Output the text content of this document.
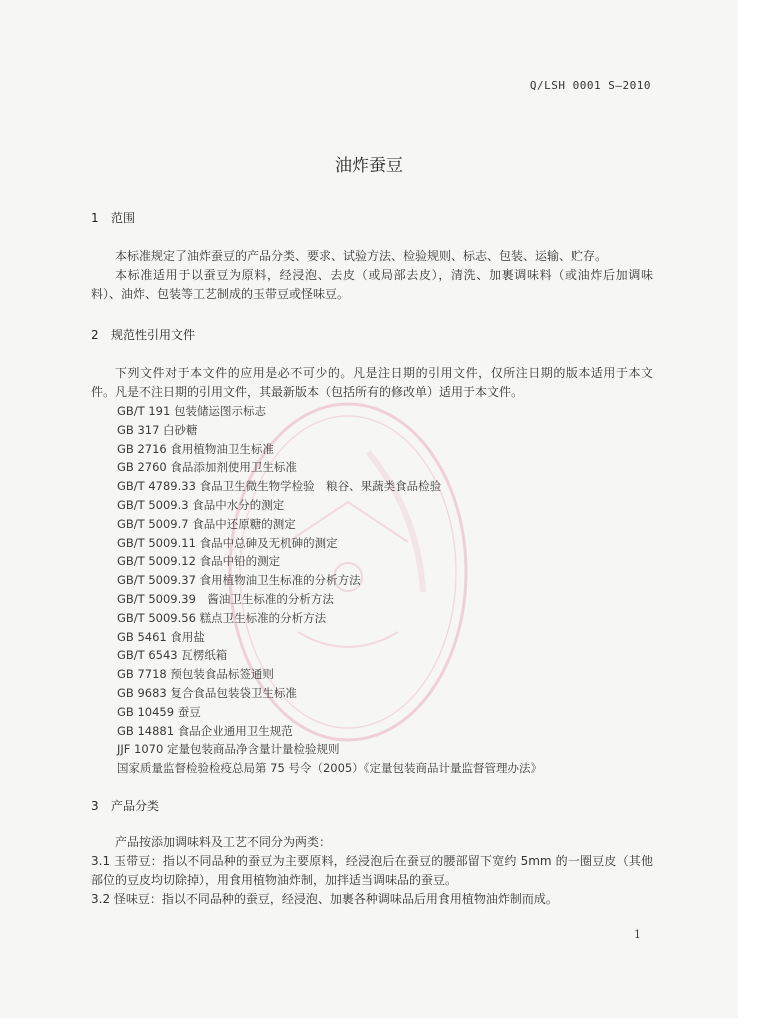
Q/LSH 0001 S—2010
油炸蚕豆
1 范围
本标准规定了油炸蚕豆的产品分类、要求、试验方法、检验规则、标志、包装、运输、贮存。
本标准适用于以蚕豆为原料，经浸泡、去皮（或局部去皮），清洗、加裹调味料（或油炸后加调味料）、油炸、包装等工艺制成的玉带豆或怪味豆。
2 规范性引用文件
下列文件对于本文件的应用是必不可少的。凡是注日期的引用文件，仅所注日期的版本适用于本文件。凡是不注日期的引用文件，其最新版本（包括所有的修改单）适用于本文件。
GB/T 191 包装储运图示标志
GB 317 白砂糖
GB 2716 食用植物油卫生标准
GB 2760 食品添加剂使用卫生标准
GB/T 4789.33 食品卫生微生物学检验　粮谷、果蔬类食品检验
GB/T 5009.3 食品中水分的测定
GB/T 5009.7 食品中还原糖的测定
GB/T 5009.11 食品中总砷及无机砷的测定
GB/T 5009.12 食品中铅的测定
GB/T 5009.37 食用植物油卫生标准的分析方法
GB/T 5009.39　酱油卫生标准的分析方法
GB/T 5009.56 糕点卫生标准的分析方法
GB 5461 食用盐
GB/T 6543 瓦楞纸箱
GB 7718 预包装食品标签通则
GB 9683 复合食品包装袋卫生标准
GB 10459 蚕豆
GB 14881 食品企业通用卫生规范
JJF 1070 定量包装商品净含量计量检验规则
国家质量监督检验检疫总局第 75 号令（2005）《定量包装商品计量监督管理办法》
3 产品分类
产品按添加调味料及工艺不同分为两类：
3.1 玉带豆：指以不同品种的蚕豆为主要原料，经浸泡后在蚕豆的腰部留下宽约 5mm 的一圈豆皮（其他部位的豆皮均切除掉），用食用植物油炸制，加拌适当调味品的蚕豆。
3.2 怪味豆：指以不同品种的蚕豆，经浸泡、加裹各种调味品后用食用植物油炸制而成。
1
